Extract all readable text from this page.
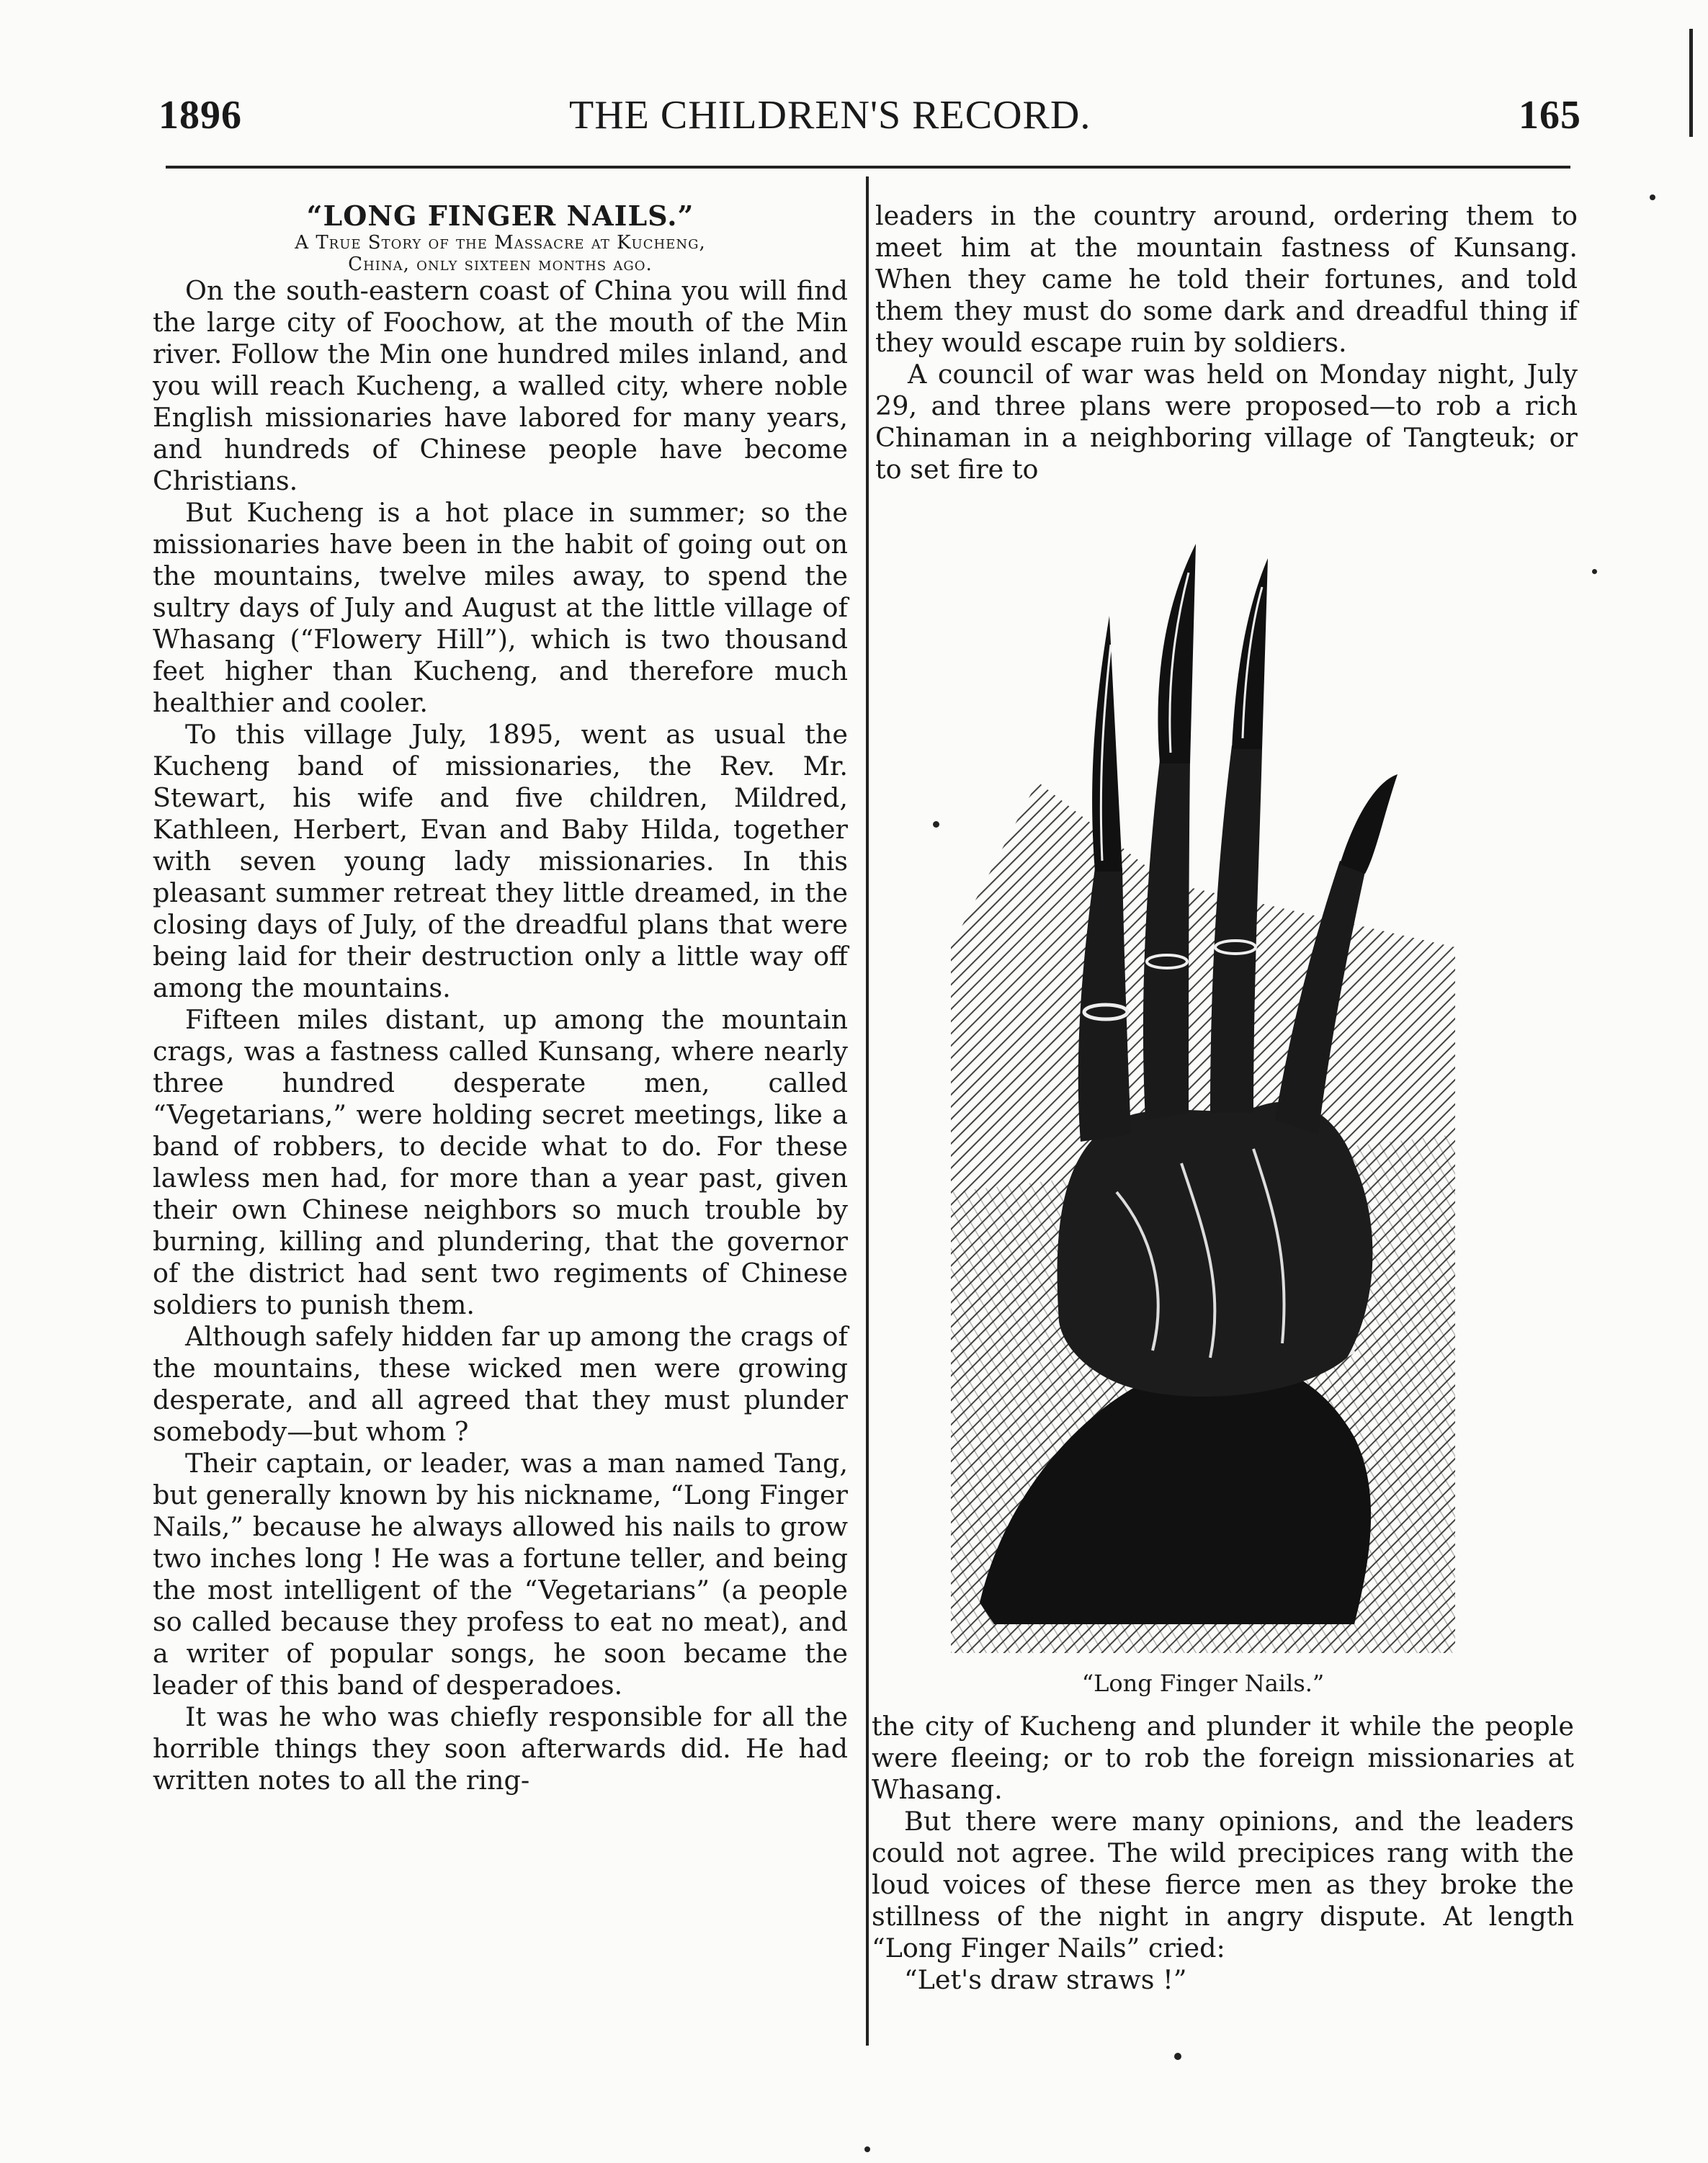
1896	THE CHILDREN'S RECORD.	165

“LONG FINGER NAILS.”

A True Story of the Massacre at Kucheng,
China, only sixteen months ago.

On the south-eastern coast of China you will find the large city of Foochow, at the mouth of the Min river. Follow the Min one hundred miles inland, and you will reach Kucheng, a walled city, where noble English missionaries have labored for many years, and hundreds of Chinese people have become Christians.

But Kucheng is a hot place in summer; so the missionaries have been in the habit of going out on the mountains, twelve miles away, to spend the sultry days of July and August at the little village of Whasang (“Flowery Hill”), which is two thousand feet higher than Kucheng, and therefore much healthier and cooler.

To this village July, 1895, went as usual the Kucheng band of missionaries, the Rev. Mr. Stewart, his wife and five children, Mildred, Kathleen, Herbert, Evan and Baby Hilda, together with seven young lady missionaries. In this pleasant summer retreat they little dreamed, in the closing days of July, of the dreadful plans that were being laid for their destruction only a little way off among the mountains.

Fifteen miles distant, up among the mountain crags, was a fastness called Kunsang, where nearly three hundred desperate men, called “Vegetarians,” were holding secret meetings, like a band of robbers, to decide what to do. For these lawless men had, for more than a year past, given their own Chinese neighbors so much trouble by burning, killing and plundering, that the governor of the district had sent two regiments of Chinese soldiers to punish them.

Although safely hidden far up among the crags of the mountains, these wicked men were growing desperate, and all agreed that they must plunder somebody—but whom ?

Their captain, or leader, was a man named Tang, but generally known by his nickname, “Long Finger Nails,” because he always allowed his nails to grow two inches long ! He was a fortune teller, and being the most intelligent of the “Vegetarians” (a people so called because they profess to eat no meat), and a writer of popular songs, he soon became the leader of this band of desperadoes.

It was he who was chiefly responsible for all the horrible things they soon afterwards did. He had written notes to all the ring-

leaders in the country around, ordering them to meet him at the mountain fastness of Kunsang. When they came he told their fortunes, and told them they must do some dark and dreadful thing if they would escape ruin by soldiers.

A council of war was held on Monday night, July 29, and three plans were proposed—to rob a rich Chinaman in a neighboring village of Tangteuk; or to set fire to

“Long Finger Nails.”

the city of Kucheng and plunder it while the people were fleeing; or to rob the foreign missionaries at Whasang.

But there were many opinions, and the leaders could not agree. The wild precipices rang with the loud voices of these fierce men as they broke the stillness of the night in angry dispute. At length “Long Finger Nails” cried:

“Let's draw straws !”
